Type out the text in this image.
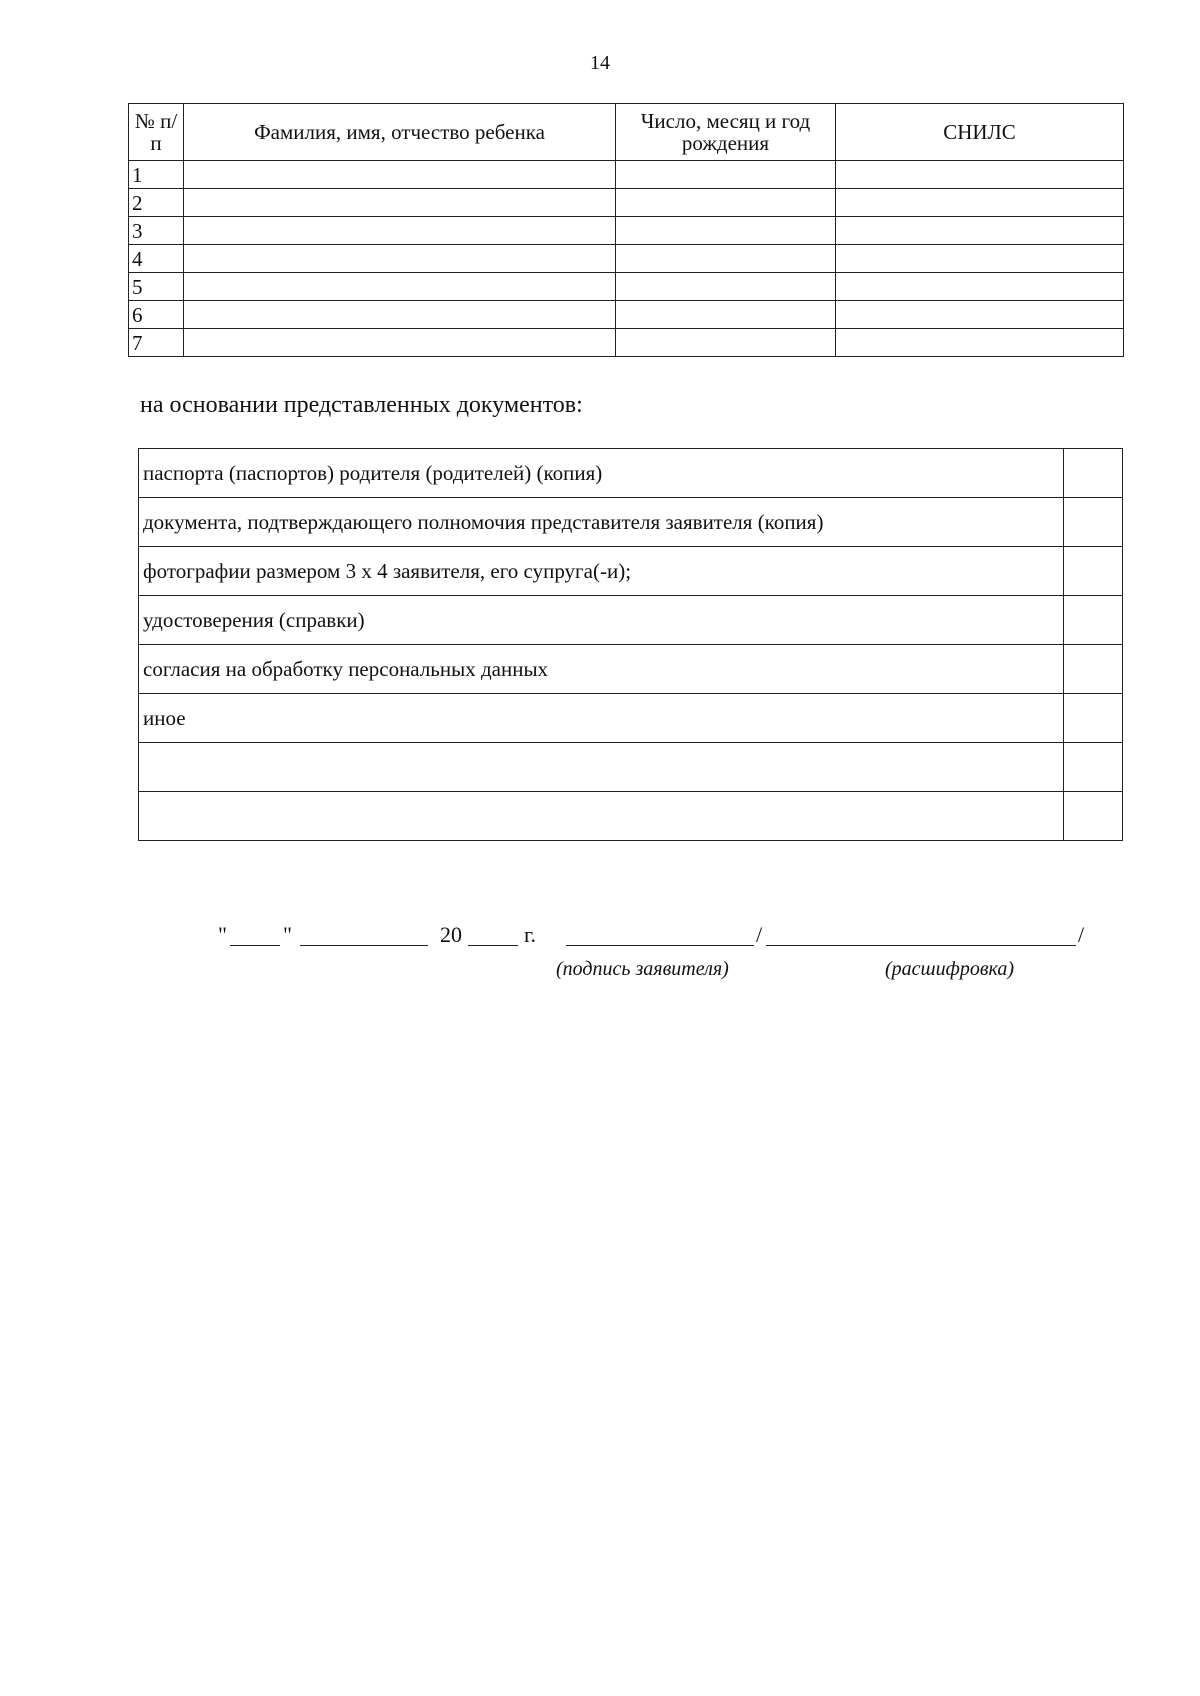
14
№ п/п	Фамилия, имя, отчество ребенка	Число, месяц и год рождения	СНИЛС
1			
2			
3			
4			
5			
6			
7			
на основании представленных документов:
паспорта (паспортов) родителя (родителей) (копия)	
документа, подтверждающего полномочия представителя заявителя (копия)	
фотографии размером 3 х 4 заявителя, его супруга(-и);	
удостоверения (справки)	
согласия на обработку персональных данных	
иное	

"	"	20	г.	/	/
(подпись заявителя)	(расшифровка)
